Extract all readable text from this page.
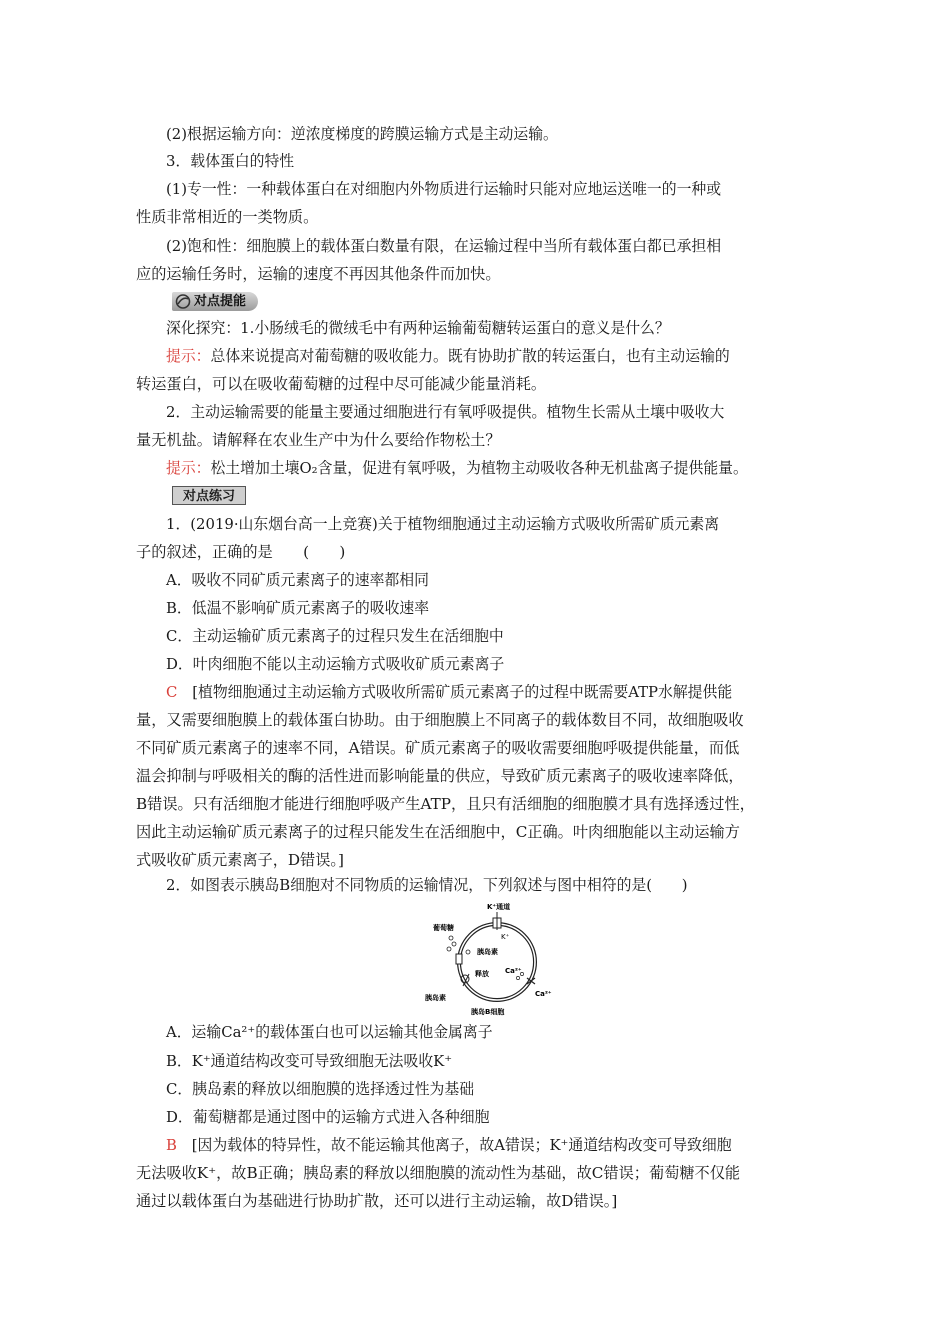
(2)根据运输方向：逆浓度梯度的跨膜运输方式是主动运输。
3．载体蛋白的特性
(1)专一性：一种载体蛋白在对细胞内外物质进行运输时只能对应地运送唯一的一种或
性质非常相近的一类物质。
(2)饱和性：细胞膜上的载体蛋白数量有限，在运输过程中当所有载体蛋白都已承担相
应的运输任务时，运输的速度不再因其他条件而加快。
对点提能
深化探究：1.小肠绒毛的微绒毛中有两种运输葡萄糖转运蛋白的意义是什么？
提示：总体来说提高对葡萄糖的吸收能力。既有协助扩散的转运蛋白，也有主动运输的
转运蛋白，可以在吸收葡萄糖的过程中尽可能减少能量消耗。
2．主动运输需要的能量主要通过细胞进行有氧呼吸提供。植物生长需从土壤中吸收大
量无机盐。请解释在农业生产中为什么要给作物松土？
提示：松土增加土壤O₂含量，促进有氧呼吸，为植物主动吸收各种无机盐离子提供能量。
对点练习
1．(2019·山东烟台高一上竞赛)关于植物细胞通过主动运输方式吸收所需矿质元素离
子的叙述，正确的是　　(　　)
A．吸收不同矿质元素离子的速率都相同
B．低温不影响矿质元素离子的吸收速率
C．主动运输矿质元素离子的过程只发生在活细胞中
D．叶肉细胞不能以主动运输方式吸收矿质元素离子
C　 [植物细胞通过主动运输方式吸收所需矿质元素离子的过程中既需要ATP水解提供能
量，又需要细胞膜上的载体蛋白协助。由于细胞膜上不同离子的载体数目不同，故细胞吸收
不同矿质元素离子的速率不同，A错误。矿质元素离子的吸收需要细胞呼吸提供能量，而低
温会抑制与呼吸相关的酶的活性进而影响能量的供应，导致矿质元素离子的吸收速率降低，
B错误。只有活细胞才能进行细胞呼吸产生ATP，且只有活细胞的细胞膜才具有选择透过性，
因此主动运输矿质元素离子的过程只能发生在活细胞中，C正确。叶肉细胞能以主动运输方
式吸收矿质元素离子，D错误。]
2．如图表示胰岛B细胞对不同物质的运输情况，下列叙述与图中相符的是(　　)
K⁺通道
K⁺
葡萄糖
胰岛素
释放 Ca²⁺
Ca²⁺
胰岛素
胰岛B细胞
A．运输Ca²⁺的载体蛋白也可以运输其他金属离子
B．K⁺通道结构改变可导致细胞无法吸收K⁺
C．胰岛素的释放以细胞膜的选择透过性为基础
D．葡萄糖都是通过图中的运输方式进入各种细胞
B　 [因为载体的特异性，故不能运输其他离子，故A错误；K⁺通道结构改变可导致细胞
无法吸收K⁺，故B正确；胰岛素的释放以细胞膜的流动性为基础，故C错误；葡萄糖不仅能
通过以载体蛋白为基础进行协助扩散，还可以进行主动运输，故D错误。]
